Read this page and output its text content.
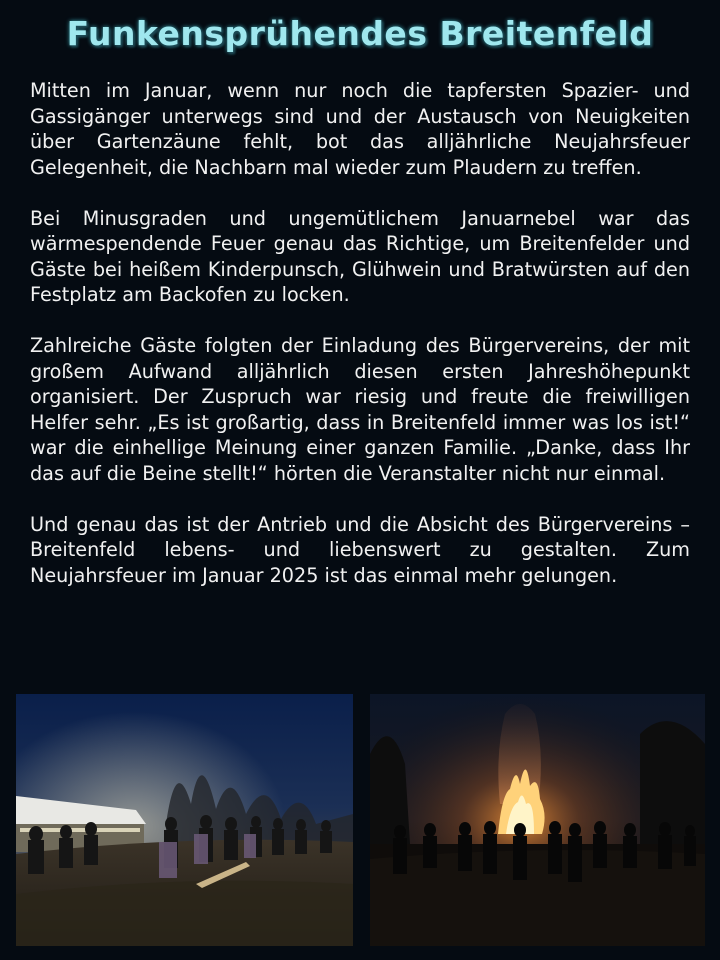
Funkensprühendes Breitenfeld

Mitten im Januar, wenn nur noch die tapfersten Spazier- und Gassigänger unterwegs sind und der Austausch von Neuigkeiten über Gartenzäune fehlt, bot das alljährliche Neujahrsfeuer Gelegenheit, die Nachbarn mal wieder zum Plaudern zu treffen.

Bei Minusgraden und ungemütlichem Januarnebel war das wärmespendende Feuer genau das Richtige, um Breitenfelder und Gäste bei heißem Kinderpunsch, Glühwein und Bratwürsten auf den Festplatz am Backofen zu locken.

Zahlreiche Gäste folgten der Einladung des Bürgervereins, der mit großem Aufwand alljährlich diesen ersten Jahreshöhepunkt organisiert. Der Zuspruch war riesig und freute die freiwilligen Helfer sehr. „Es ist großartig, dass in Breitenfeld immer was los ist!“ war die einhellige Meinung einer ganzen Familie. „Danke, dass Ihr das auf die Beine stellt!“ hörten die Veranstalter nicht nur einmal.

Und genau das ist der Antrieb und die Absicht des Bürgervereins – Breitenfeld lebens- und liebenswert zu gestalten. Zum Neujahrsfeuer im Januar 2025 ist das einmal mehr gelungen.
